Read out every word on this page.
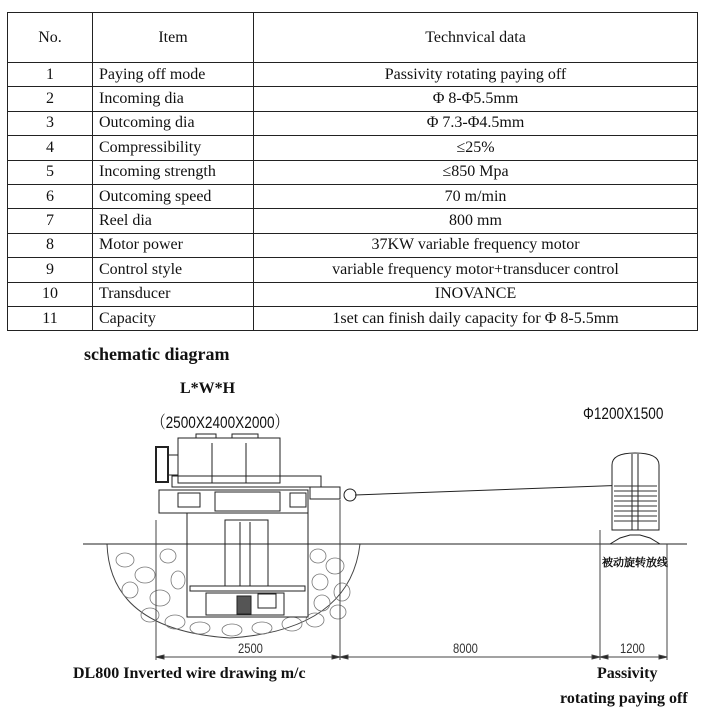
No.	Item	Technvical data
1	Paying off mode	Passivity rotating paying off
2	Incoming dia	Φ 8-Φ5.5mm
3	Outcoming dia	Φ 7.3-Φ4.5mm
4	Compressibility	≤25%
5	Incoming strength	≤850 Mpa
6	Outcoming speed	70 m/min
7	Reel dia	800 mm
8	Motor power	37KW variable frequency motor
9	Control style	variable frequency motor+transducer control
10	Transducer	INOVANCE
11	Capacity	1set can finish daily capacity for Φ 8-5.5mm
schematic diagram
L*W*H
（2500X2400X2000）	Φ1200X1500
被动旋转放线
2500	8000	1200
DL800 Inverted wire drawing m/c	Passivity
rotating paying off
